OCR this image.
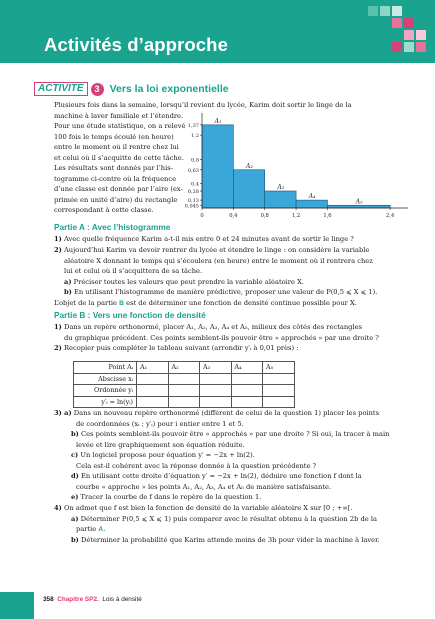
Activités d’approche
ACTIVITÉ	3 Vers la loi exponentielle
Plusieurs fois dans la semaine, lorsqu’il revient du lycée, Karim doit sortir le linge de la
machine à laver familiale et l’étendre.
Pour une étude statistique, on a relevé
100 fois le temps écoulé (en heure)
entre le moment où il rentre chez lui
et celui où il s’acquitte de cette tâche.
Les résultats sont donnés par l’his-
togramme ci-contre où la fréquence
d’une classe est donnée par l’aire (ex-
primée en unité d’aire) du rectangle
correspondant à cette classe.
A₁
A₂
A₃
A₄
A₅
1,37
1,2
0,8
0,63
0,4
0,28
0,13
0,045
0	0,4	0,8	1,2	1,6	2,4
Partie A : Avec l’histogramme
1) Avec quelle fréquence Karim a-t-il mis entre 0 et 24 minutes avant de sortir le linge ?
2) Aujourd’hui Karim va devoir rentrer du lycée et étendre le linge : on considère la variable
aléatoire X donnant le temps qui s’écoulera (en heure) entre le moment où il rentrera chez
lui et celui où il s’acquittera de sa tâche.
a) Préciser toutes les valeurs que peut prendre la variable aléatoire X.
b) En utilisant l’histogramme de manière prédictive, proposer une valeur de P(0,5 ⩽ X ⩽ 1).
L’objet de la partie B est de déterminer une fonction de densité continue possible pour X.
Partie B : Vers une fonction de densité
1) Dans un repère orthonormé, placer A₁, A₂, A₃, A₄ et A₅, milieux des côtés des rectangles
du graphique précédent. Ces points semblent-ils pouvoir être « approchés » par une droite ?
2) Recopier puis compléter le tableau suivant (arrondir y′ᵢ à 0,01 près) :
Point Aᵢ	A₁	A₂	A₃	A₄	A₅
Abscisse xᵢ					
Ordonnée yᵢ					
y′ᵢ = ln(yᵢ)					
3) a) Dans un nouveau repère orthonormé (différent de celui de la question 1) placer les points
de coordonnées (xᵢ ; y′ᵢ) pour i entier entre 1 et 5.
b) Ces points semblent-ils pouvoir être « approchés » par une droite ? Si oui, la tracer à main
levée et lire graphiquement son équation réduite.
c) Un logiciel propose pour équation y′ = −2x + ln(2).
Cela est-il cohérent avec la réponse donnée à la question précédente ?
d) En utilisant cette droite d’équation y′ = −2x + ln(2), déduire une fonction f dont la
courbe « approche » les points A₁, A₂, A₃, A₄ et A₅ de manière satisfaisante.
e) Tracer la courbe de f dans le repère de la question 1.
4) On admet que f est bien la fonction de densité de la variable aléatoire X sur [0 ; +∞[.
a) Déterminer P(0,5 ⩽ X ⩽ 1) puis comparer avec le résultat obtenu à la question 2b de la
partie A.
b) Déterminer la probabilité que Karim attende moins de 3h pour vider la machine à laver.
358 Chapitre SP2. Lois à densité
